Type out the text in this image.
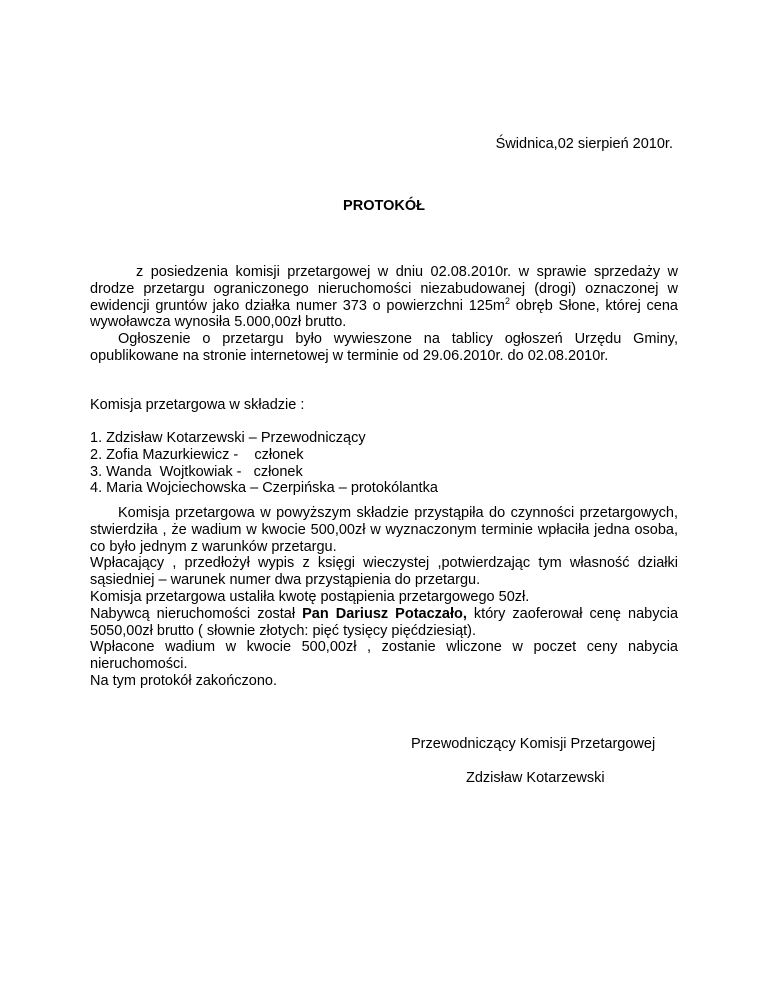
Świdnica,02 sierpień 2010r.
PROTOKÓŁ

z posiedzenia komisji przetargowej w dniu 02.08.2010r. w sprawie sprzedaży w drodze przetargu ograniczonego nieruchomości niezabudowanej (drogi) oznaczonej w ewidencji gruntów jako działka numer 373 o powierzchni $125m^2$ obręb Słone, której cena wywoławcza wynosiła 5.000,00zł brutto.

Ogłoszenie o przetargu było wywieszone na tablicy ogłoszeń Urzędu Gminy, opublikowane na stronie internetowej w terminie od 29.06.2010r. do 02.08.2010r.

Komisja przetargowa w składzie :
1. Zdzisław Kotarzewski – Przewodniczący
2. Zofia Mazurkiewicz -    członek
3. Wanda  Wojtkowiak -   członek
4. Maria Wojciechowska – Czerpińska – protokólantka

Komisja przetargowa w powyższym składzie przystąpiła do czynności przetargowych, stwierdziła , że wadium w kwocie 500,00zł w wyznaczonym terminie wpłaciła jedna osoba, co było jednym z warunków przetargu.

Wpłacający , przedłożył wypis z księgi wieczystej ,potwierdzając tym własność działki sąsiedniej – warunek numer dwa przystąpienia do przetargu.

Komisja przetargowa ustaliła kwotę postąpienia przetargowego 50zł.

Nabywcą nieruchomości został Pan Dariusz Potaczało, który zaoferował cenę nabycia 5050,00zł brutto ( słownie złotych: pięć tysięcy pięćdziesiąt).

Wpłacone wadium w kwocie 500,00zł , zostanie wliczone w poczet ceny nabycia nieruchomości.

Na tym protokół zakończono.

Przewodniczący Komisji Przetargowej
Zdzisław Kotarzewski
